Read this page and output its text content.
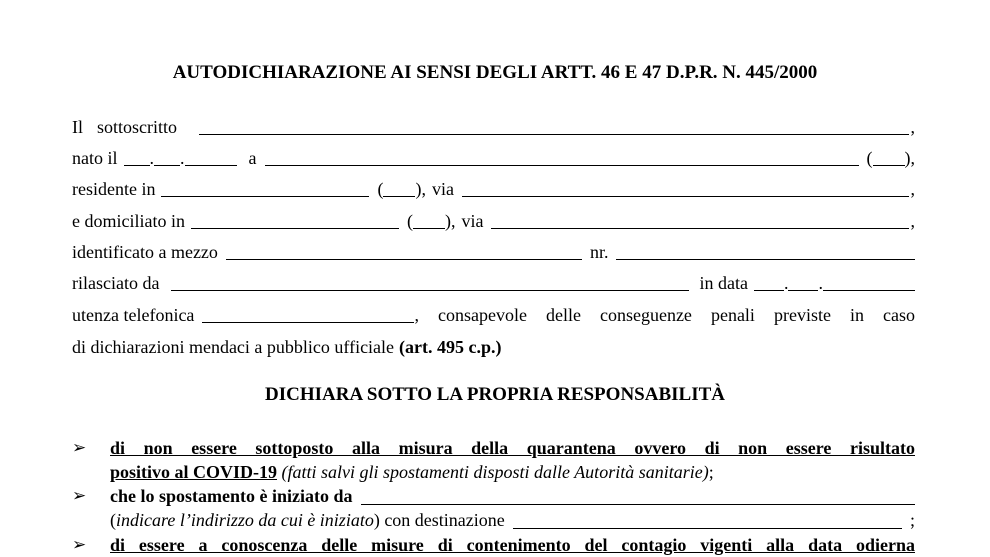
AUTODICHIARAZIONE AI SENSI DEGLI ARTT. 46 E 47 D.P.R. N. 445/2000
Il sottoscritto	,
nato il . .	a	( ),
residente in	( ), via	,
e domiciliato in	( ), via	,
identificato a mezzo	nr.
rilasciato da	in data . .
utenza telefonica	, consapevole delle conseguenze penali previste in caso
di dichiarazioni mendaci a pubblico ufficiale (art. 495 c.p.)
DICHIARA SOTTO LA PROPRIA RESPONSABILITÀ
➢	di non essere sottoposto alla misura della quarantena ovvero di non essere risultato
positivo al COVID-19 (fatti salvi gli spostamenti disposti dalle Autorità sanitarie);
➢	che lo spostamento è iniziato da
( indicare l’indirizzo da cui è iniziato ) con destinazione	;
➢	di essere a conoscenza delle misure di contenimento del contagio vigenti alla data odierna
